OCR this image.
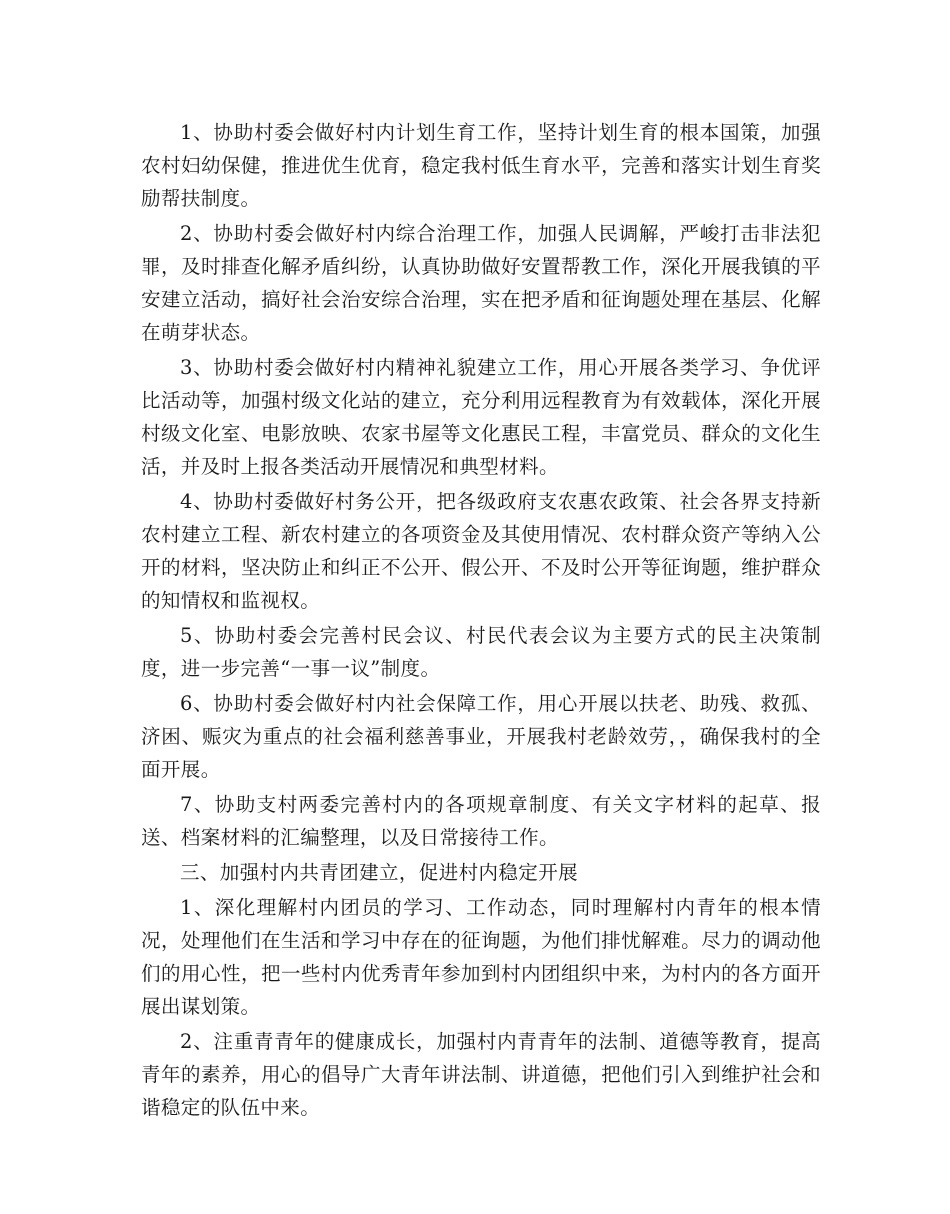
1、协助村委会做好村内计划生育工作，坚持计划生育的根本国策，加强农村妇幼保健，推进优生优育，稳定我村低生育水平，完善和落实计划生育奖励帮扶制度。

2、协助村委会做好村内综合治理工作，加强人民调解，严峻打击非法犯罪，及时排查化解矛盾纠纷，认真协助做好安置帮教工作，深化开展我镇的平安建立活动，搞好社会治安综合治理，实在把矛盾和征询题处理在基层、化解在萌芽状态。

3、协助村委会做好村内精神礼貌建立工作，用心开展各类学习、争优评比活动等，加强村级文化站的建立，充分利用远程教育为有效载体，深化开展村级文化室、电影放映、农家书屋等文化惠民工程，丰富党员、群众的文化生活，并及时上报各类活动开展情况和典型材料。

4、协助村委做好村务公开，把各级政府支农惠农政策、社会各界支持新农村建立工程、新农村建立的各项资金及其使用情况、农村群众资产等纳入公开的材料，坚决防止和纠正不公开、假公开、不及时公开等征询题，维护群众的知情权和监视权。

5、协助村委会完善村民会议、村民代表会议为主要方式的民主决策制度，进一步完善“一事一议”制度。

6、协助村委会做好村内社会保障工作，用心开展以扶老、助残、救孤、济困、赈灾为重点的社会福利慈善事业，开展我村老龄效劳，，确保我村的全面开展。

7、协助支村两委完善村内的各项规章制度、有关文字材料的起草、报送、档案材料的汇编整理，以及日常接待工作。

三、加强村内共青团建立，促进村内稳定开展

1、深化理解村内团员的学习、工作动态，同时理解村内青年的根本情况，处理他们在生活和学习中存在的征询题，为他们排忧解难。尽力的调动他们的用心性，把一些村内优秀青年参加到村内团组织中来，为村内的各方面开展出谋划策。

2、注重青青年的健康成长，加强村内青青年的法制、道德等教育，提高青年的素养，用心的倡导广大青年讲法制、讲道德，把他们引入到维护社会和谐稳定的队伍中来。
